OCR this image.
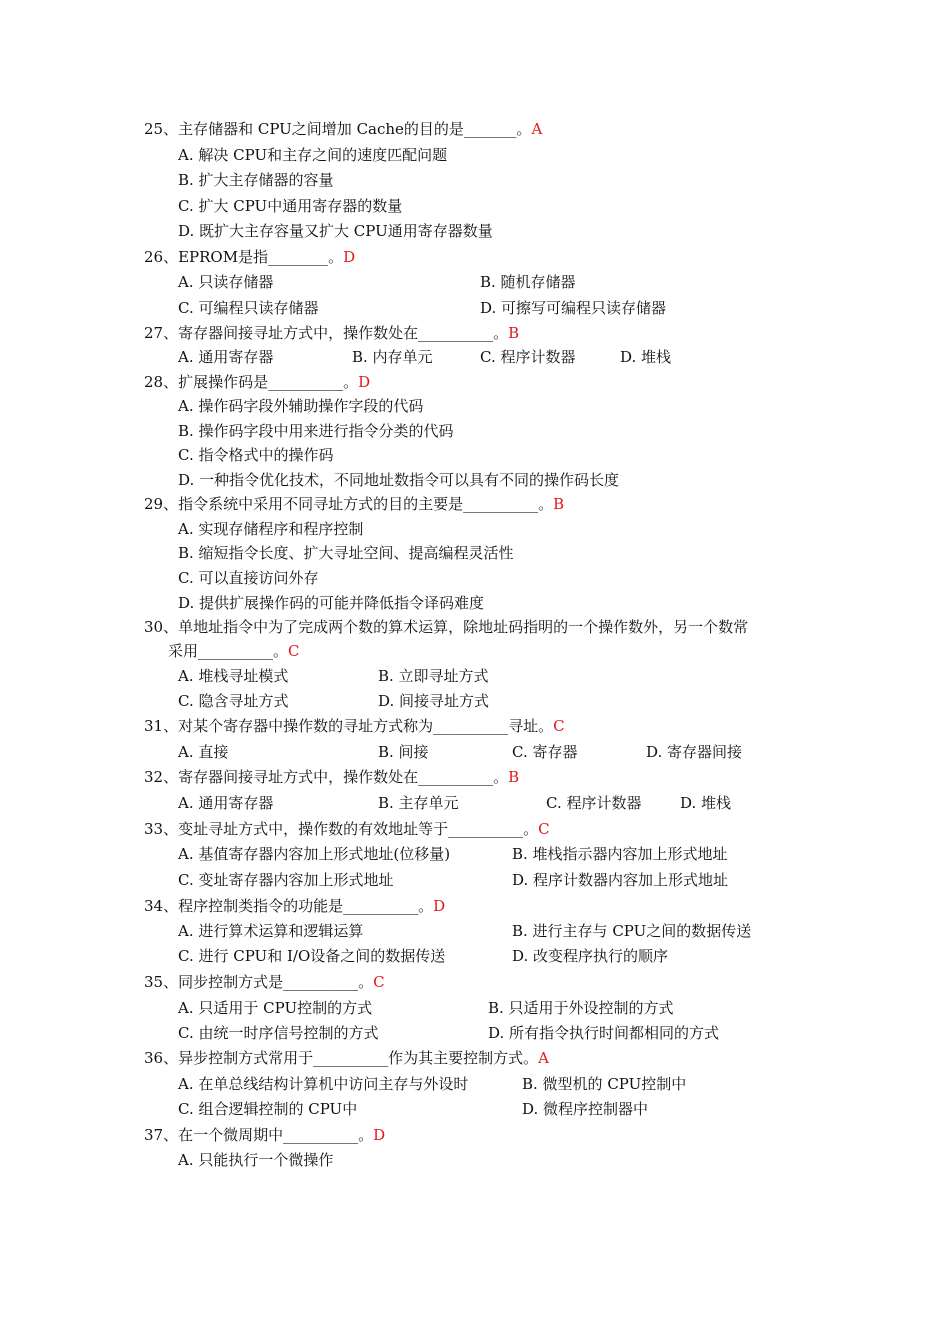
25、主存储器和 CPU之间增加 Cache的目的是_______。A
A. 解决 CPU和主存之间的速度匹配问题
B. 扩大主存储器的容量
C. 扩大 CPU中通用寄存器的数量
D. 既扩大主存容量又扩大 CPU通用寄存器数量
26、EPROM是指________。D
A. 只读存储器	B. 随机存储器
C. 可编程只读存储器	D. 可擦写可编程只读存储器
27、寄存器间接寻址方式中，操作数处在__________。B
A. 通用寄存器	B. 内存单元	C. 程序计数器	D. 堆栈
28、扩展操作码是__________。D
A. 操作码字段外辅助操作字段的代码
B. 操作码字段中用来进行指令分类的代码
C. 指令格式中的操作码
D. 一种指令优化技术，不同地址数指令可以具有不同的操作码长度
29、指令系统中采用不同寻址方式的目的主要是__________。B
A. 实现存储程序和程序控制
B. 缩短指令长度、扩大寻址空间、提高编程灵活性
C. 可以直接访问外存
D. 提供扩展操作码的可能并降低指令译码难度
30、单地址指令中为了完成两个数的算术运算，除地址码指明的一个操作数外，另一个数常
采用__________。C
A. 堆栈寻址模式	B. 立即寻址方式
C. 隐含寻址方式	D. 间接寻址方式
31、对某个寄存器中操作数的寻址方式称为__________寻址。C
A. 直接	B. 间接	C. 寄存器	D. 寄存器间接
32、寄存器间接寻址方式中，操作数处在__________。B
A. 通用寄存器	B. 主存单元	C. 程序计数器	D. 堆栈
33、变址寻址方式中，操作数的有效地址等于__________。C
A. 基值寄存器内容加上形式地址(位移量)	B. 堆栈指示器内容加上形式地址
C. 变址寄存器内容加上形式地址	D. 程序计数器内容加上形式地址
34、程序控制类指令的功能是__________。D
A. 进行算术运算和逻辑运算	B. 进行主存与 CPU之间的数据传送
C. 进行 CPU和 I/O设备之间的数据传送	D. 改变程序执行的顺序
35、同步控制方式是__________。C
A. 只适用于 CPU控制的方式	B. 只适用于外设控制的方式
C. 由统一时序信号控制的方式	D. 所有指令执行时间都相同的方式
36、异步控制方式常用于__________作为其主要控制方式。A
A. 在单总线结构计算机中访问主存与外设时	B. 微型机的 CPU控制中
C. 组合逻辑控制的 CPU中	D. 微程序控制器中
37、在一个微周期中__________。D
A. 只能执行一个微操作
